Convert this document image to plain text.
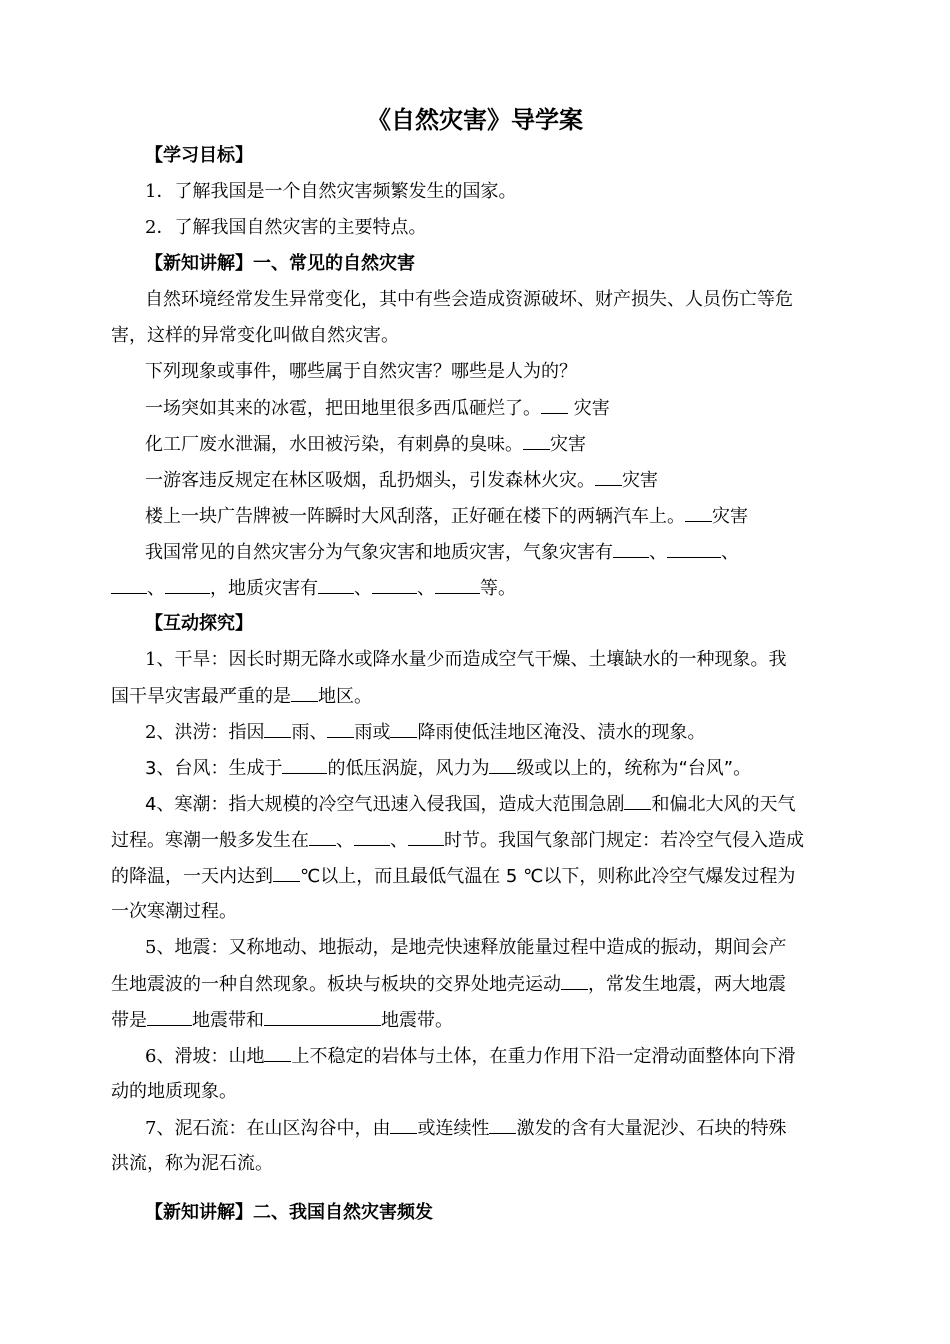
《自然灾害》导学案
【学习目标】
1．了解我国是一个自然灾害频繁发生的国家。
2．了解我国自然灾害的主要特点。
【新知讲解】一、常见的自然灾害
自然环境经常发生异常变化，其中有些会造成资源破坏、财产损失、人员伤亡等危
害，这样的异常变化叫做自然灾害。
下列现象或事件，哪些属于自然灾害？哪些是人为的？
一场突如其来的冰雹，把田地里很多西瓜砸烂了。 灾害
化工厂废水泄漏，水田被污染，有刺鼻的臭味。 灾害
一游客违反规定在林区吸烟，乱扔烟头，引发森林火灾。 灾害
楼上一块广告牌被一阵瞬时大风刮落，正好砸在楼下的两辆汽车上。 灾害
我国常见的自然灾害分为气象灾害和地质灾害，气象灾害有 、	、
、	，地质灾害有 、	、	等。
【互动探究】
1、干旱：因长时期无降水或降水量少而造成空气干燥、土壤缺水的一种现象。我
国干旱灾害最严重的是 地区。
2、洪涝：指因 雨、 雨或 降雨使低洼地区淹没、渍水的现象。
3、台风：生成于	的低压涡旋，风力为 级或以上的，统称为“台风”。
4、寒潮：指大规模的冷空气迅速入侵我国，造成大范围急剧 和偏北大风的天气
过程。寒潮一般多发生在 、 、 时节。我国气象部门规定：若冷空气侵入造成
的降温，一天内达到 ℃以上，而且最低气温在 5 ℃以下，则称此冷空气爆发过程为
一次寒潮过程。
5、地震：又称地动、地振动，是地壳快速释放能量过程中造成的振动，期间会产
生地震波的一种自然现象。板块与板块的交界处地壳运动 ，常发生地震，两大地震
带是	地震带和	地震带。
6、滑坡：山地 上不稳定的岩体与土体，在重力作用下沿一定滑动面整体向下滑
动的地质现象。
7、泥石流：在山区沟谷中，由 或连续性 激发的含有大量泥沙、石块的特殊
洪流，称为泥石流。
【新知讲解】二、我国自然灾害频发
